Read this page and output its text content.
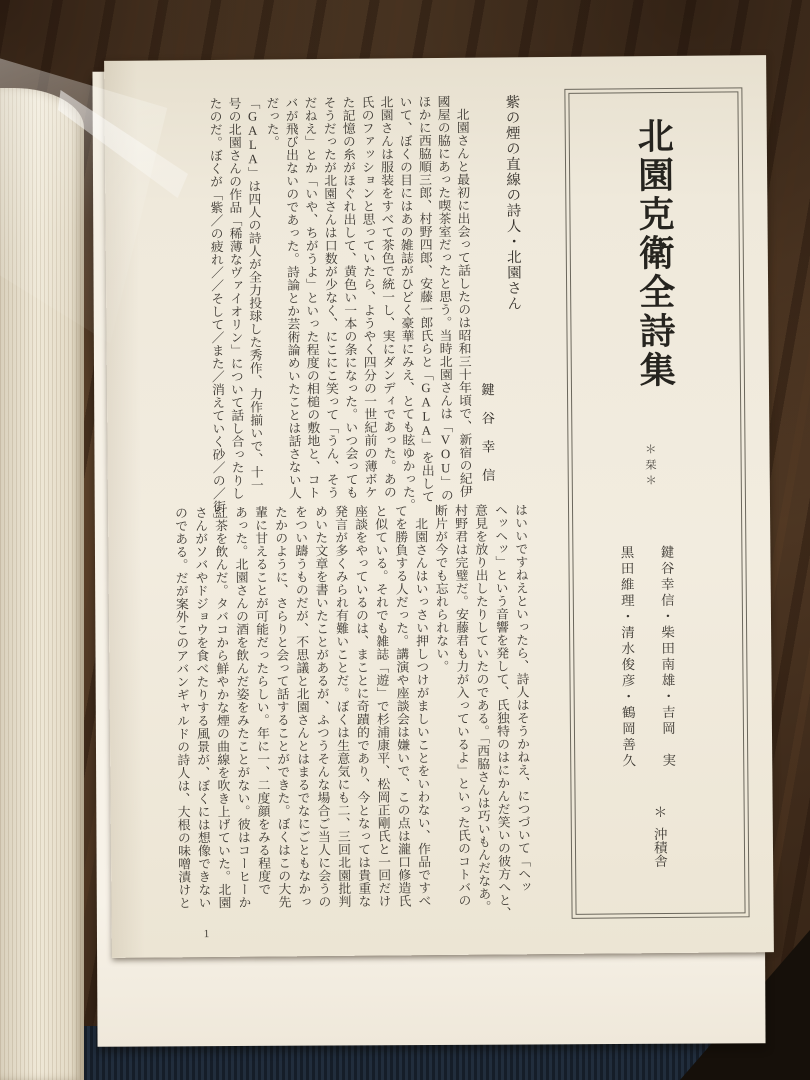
北園克衛全詩集
＊栞＊
鍵谷幸信・柴田南雄・吉岡　実
黒田維理・清水俊彦・鶴岡善久
＊沖積舎
紫の煙の直線の詩人・北園さん
鍵谷幸信
　北園さんと最初に出会って話したのは昭和三十年頃で、新宿の紀伊
國屋の脇にあった喫茶室だったと思う。当時北園さんは「VOU」の
ほかに西脇順三郎、村野四郎、安藤一郎氏らと「GALA」を出して
いて、ぼくの目にはあの雑誌がひどく豪華にみえ、とても眩ゆかった。
北園さんは服装をすべて茶色で統一し、実にダンディであった。あの
氏のファッションと思っていたら、ようやく四分の一世紀前の薄ボケ
た記憶の糸がほぐれ出して、黄色い一本の条になった。いつ会っても
そうだったが北園さんは口数が少なく、にこにこ笑って「うん、そう
だねえ」とか「いや、ちがうよ」といった程度の相槌の敷地と、コト
バが飛び出ないのであった。詩論とか芸術論めいたことは話さない人
だった。
「GALA」は四人の詩人が全力投球した秀作、力作揃いで、十一
号の北園さんの作品「稀薄なヴァイオリン」について話し合ったりし
たのだ。ぼくが「紫／の疲れ／／そして／また／消えていく砂／の／街」
はいいですねえといったら、詩人はそうかねえ、につづいて「ヘッ
ヘッヘッ」という音響を発して、氏独特のはにかんだ笑いの彼方へと、
意見を放り出したりしていたのである。「西脇さんは巧いもんだなあ。
村野君は完璧だ。安藤君も力が入っているよ」といった氏のコトバの
断片が今でも忘れられない。
　北園さんはいっさい押しつけがましいことをいわない、作品ですべ
てを勝負する人だった。講演や座談会は嫌いで、この点は瀧口修造氏
と似ている。それでも雑誌「遊」で杉浦康平、松岡正剛氏と一回だけ
座談をやっているのは、まことに奇蹟的であり、今となっては貴重な
発言が多くみられ有難いことだ。ぼくは生意気にも二、三回北園批判
めいた文章を書いたことがあるが、ふつうそんな場合ご当人に会うの
をつい躊うものだが、不思議と北園さんとはまるでなにごともなかっ
たかのように、さらりと会って話することができた。ぼくはこの大先
輩に甘えることが可能だったらしい。年に一、二度顔をみる程度で
あった。北園さんの酒を飲んだ姿をみたことがない。彼はコーヒーか
紅茶を飲んだ。タバコから鮮やかな煙の曲線を吹き上げていた。北園
さんがソバやドジョウを食べたりする風景が、ぼくには想像できない
のである。だが案外このアバンギャルドの詩人は、大根の味噌漬けと
1
